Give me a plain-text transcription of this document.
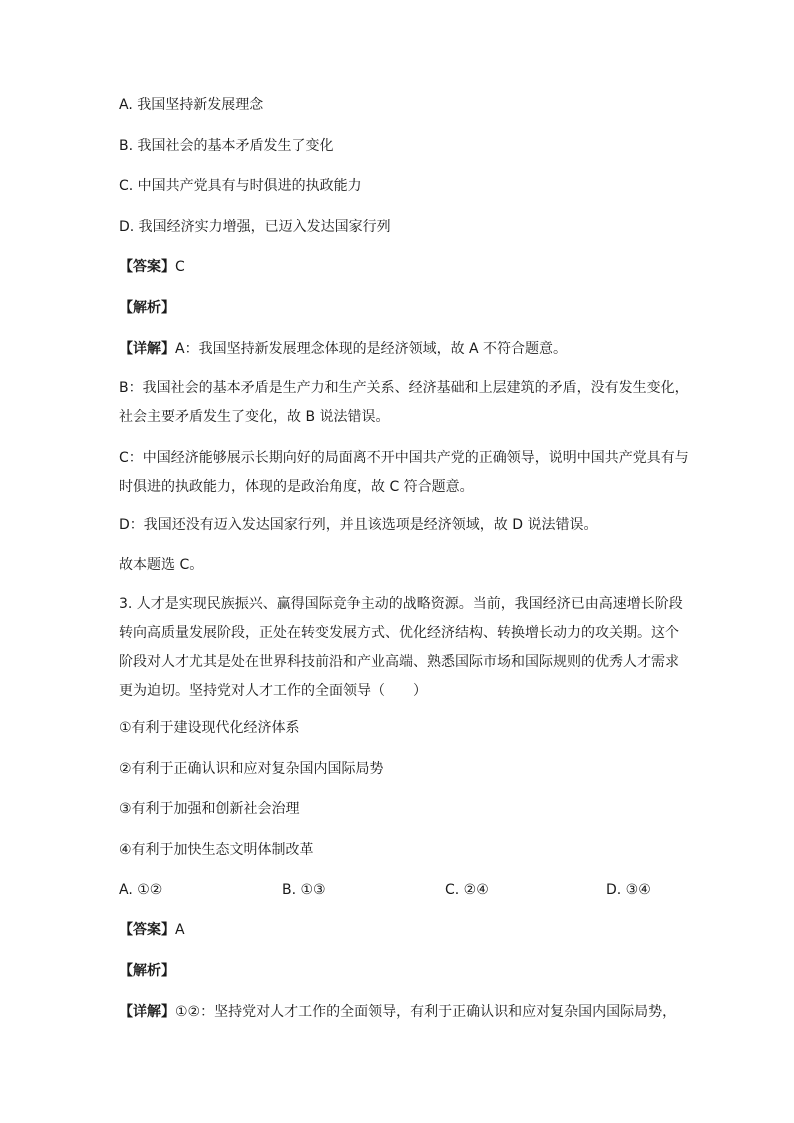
A. 我国坚持新发展理念
B. 我国社会的基本矛盾发生了变化
C. 中国共产党具有与时俱进的执政能力
D. 我国经济实力增强，已迈入发达国家行列
【答案】C
【解析】
【详解】A：我国坚持新发展理念体现的是经济领域，故 A 不符合题意。
B：我国社会的基本矛盾是生产力和生产关系、经济基础和上层建筑的矛盾，没有发生变化，社会主要矛盾发生了变化，故 B 说法错误。
C：中国经济能够展示长期向好的局面离不开中国共产党的正确领导，说明中国共产党具有与时俱进的执政能力，体现的是政治角度，故 C 符合题意。
D：我国还没有迈入发达国家行列，并且该选项是经济领域，故 D 说法错误。
故本题选 C。
3. 人才是实现民族振兴、赢得国际竞争主动的战略资源。当前，我国经济已由高速增长阶段转向高质量发展阶段，正处在转变发展方式、优化经济结构、转换增长动力的攻关期。这个阶段对人才尤其是处在世界科技前沿和产业高端、熟悉国际市场和国际规则的优秀人才需求更为迫切。坚持党对人才工作的全面领导（　　）
①有利于建设现代化经济体系
②有利于正确认识和应对复杂国内国际局势
③有利于加强和创新社会治理
④有利于加快生态文明体制改革
A. ①②	B. ①③	C. ②④	D. ③④
【答案】A
【解析】
【详解】①②：坚持党对人才工作的全面领导，有利于正确认识和应对复杂国内国际局势，
